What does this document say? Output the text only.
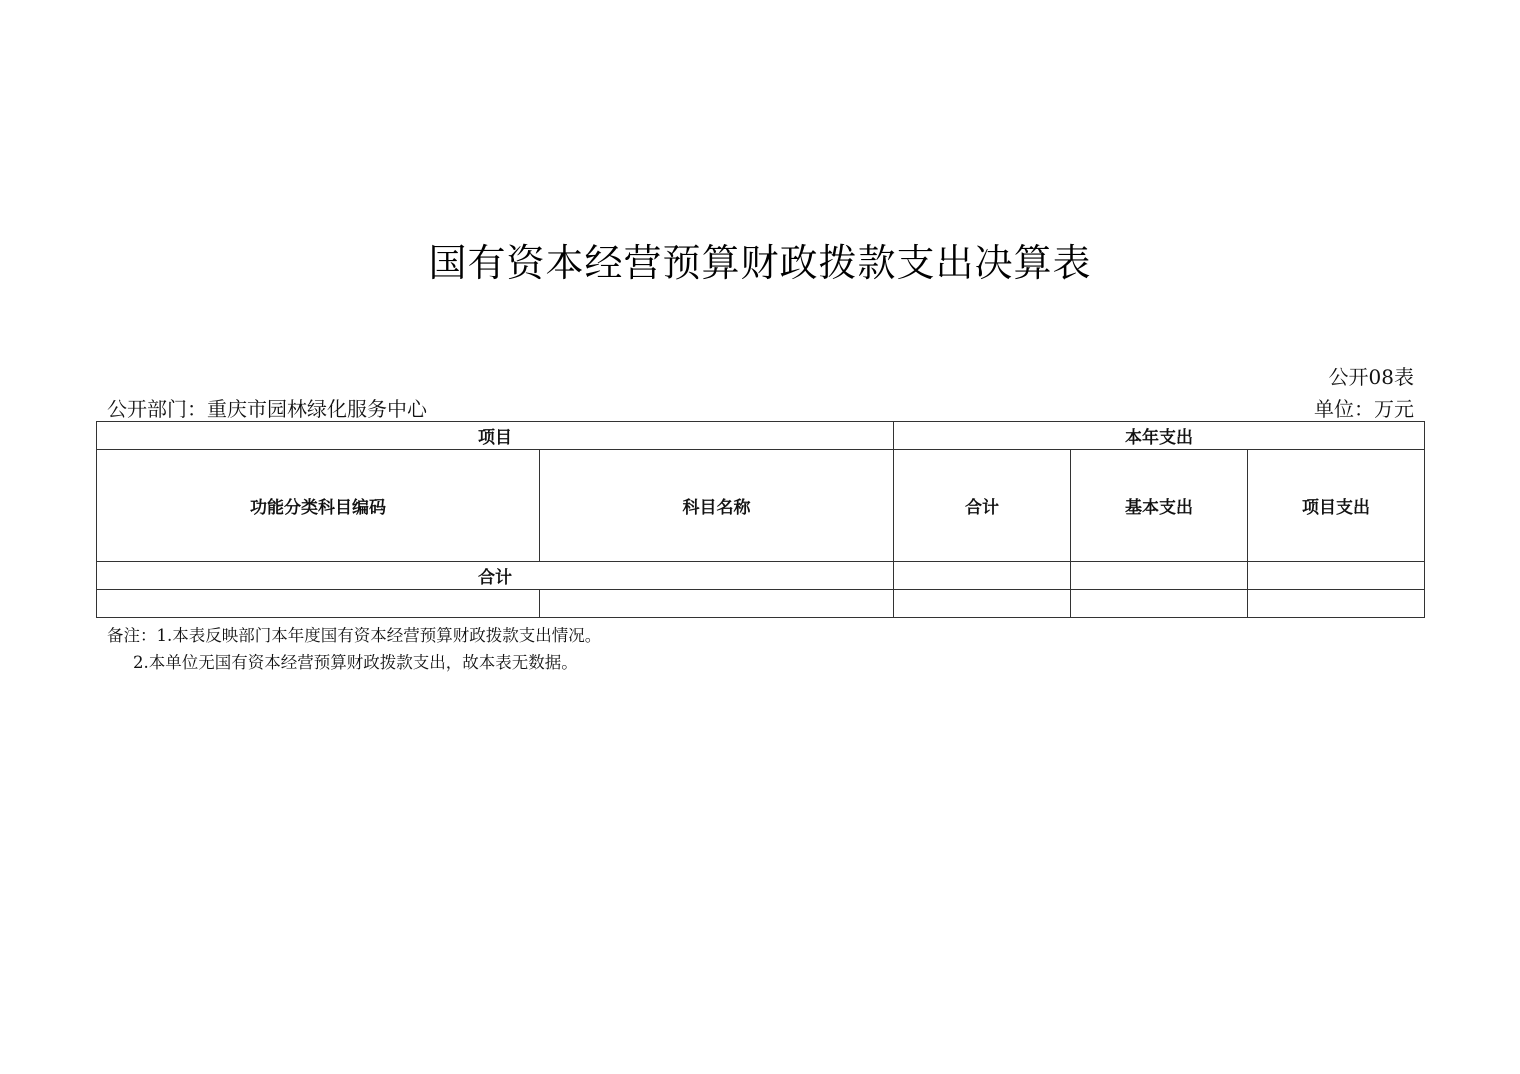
国有资本经营预算财政拨款支出决算表
公开08表
公开部门：重庆市园林绿化服务中心	单位：万元
项目		本年支出		
功能分类科目编码	科目名称	合计	基本支出	项目支出
合计				

备注：1.本表反映部门本年度国有资本经营预算财政拨款支出情况。
2.本单位无国有资本经营预算财政拨款支出，故本表无数据。
